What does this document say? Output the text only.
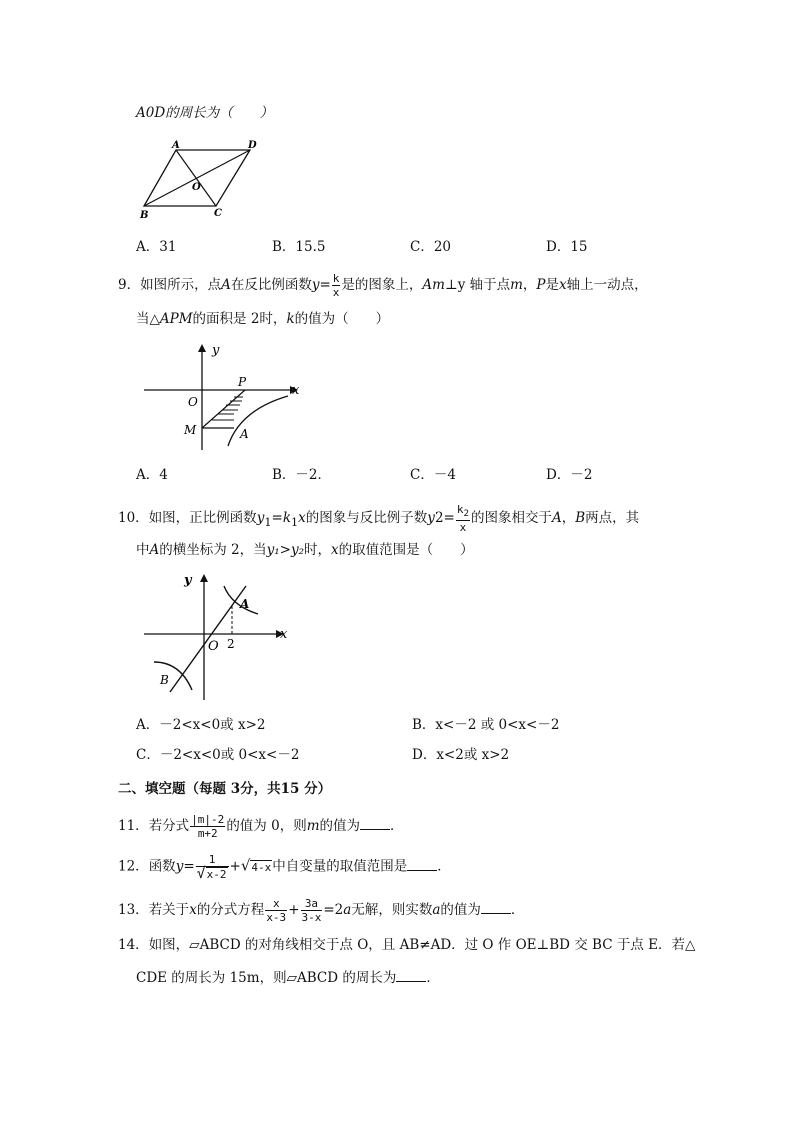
A0D的周长为（　　）
A	D
O
B	C
A．31	B．15.5	C．20	D．15
9．如图所示，点A在反比例函数$y= \frac{k}{x}$ 是的图象上，Am⊥y 轴于点m，P是x轴上一动点，
当△APM的面积是 2时，k的值为（　　）
y
x
P
O
M	A
A．4	B．－2．	C．－4	D．－2
10．如图，正比例函数$y_1=k_1x$的图象与反比例子数$y2= \frac{k_2}{x}$ 的图象相交于A，B两点，其
中A的横坐标为 2，当y₁>y₂时，x的取值范围是（　　）
y
x
A
O 2
B
A．－2<x<0或 x>2	B．x<－2 或 0<x<－2
C．－2<x<0或 0<x<－2	D．x<2或 x>2
二、填空题（每题 3分，共15 分）
11．若分式 $\frac{|m|-2}{m+2}$ 的值为 0，则m的值为 ．
12．函数$y= \frac{1}{√x-2} +√4-x$中自变量的取值范围是 ．
13．若关于x的分式方程 $\frac{x}{x-3} + \frac{3a}{3-x} =2a$无解，则实数a的值为 ．
14．如图，▱ABCD 的对角线相交于点 O，且 AB≠AD．过 O 作 OE⊥BD 交 BC 于点 E．若△
CDE 的周长为 15m，则▱ABCD 的周长为 ．
